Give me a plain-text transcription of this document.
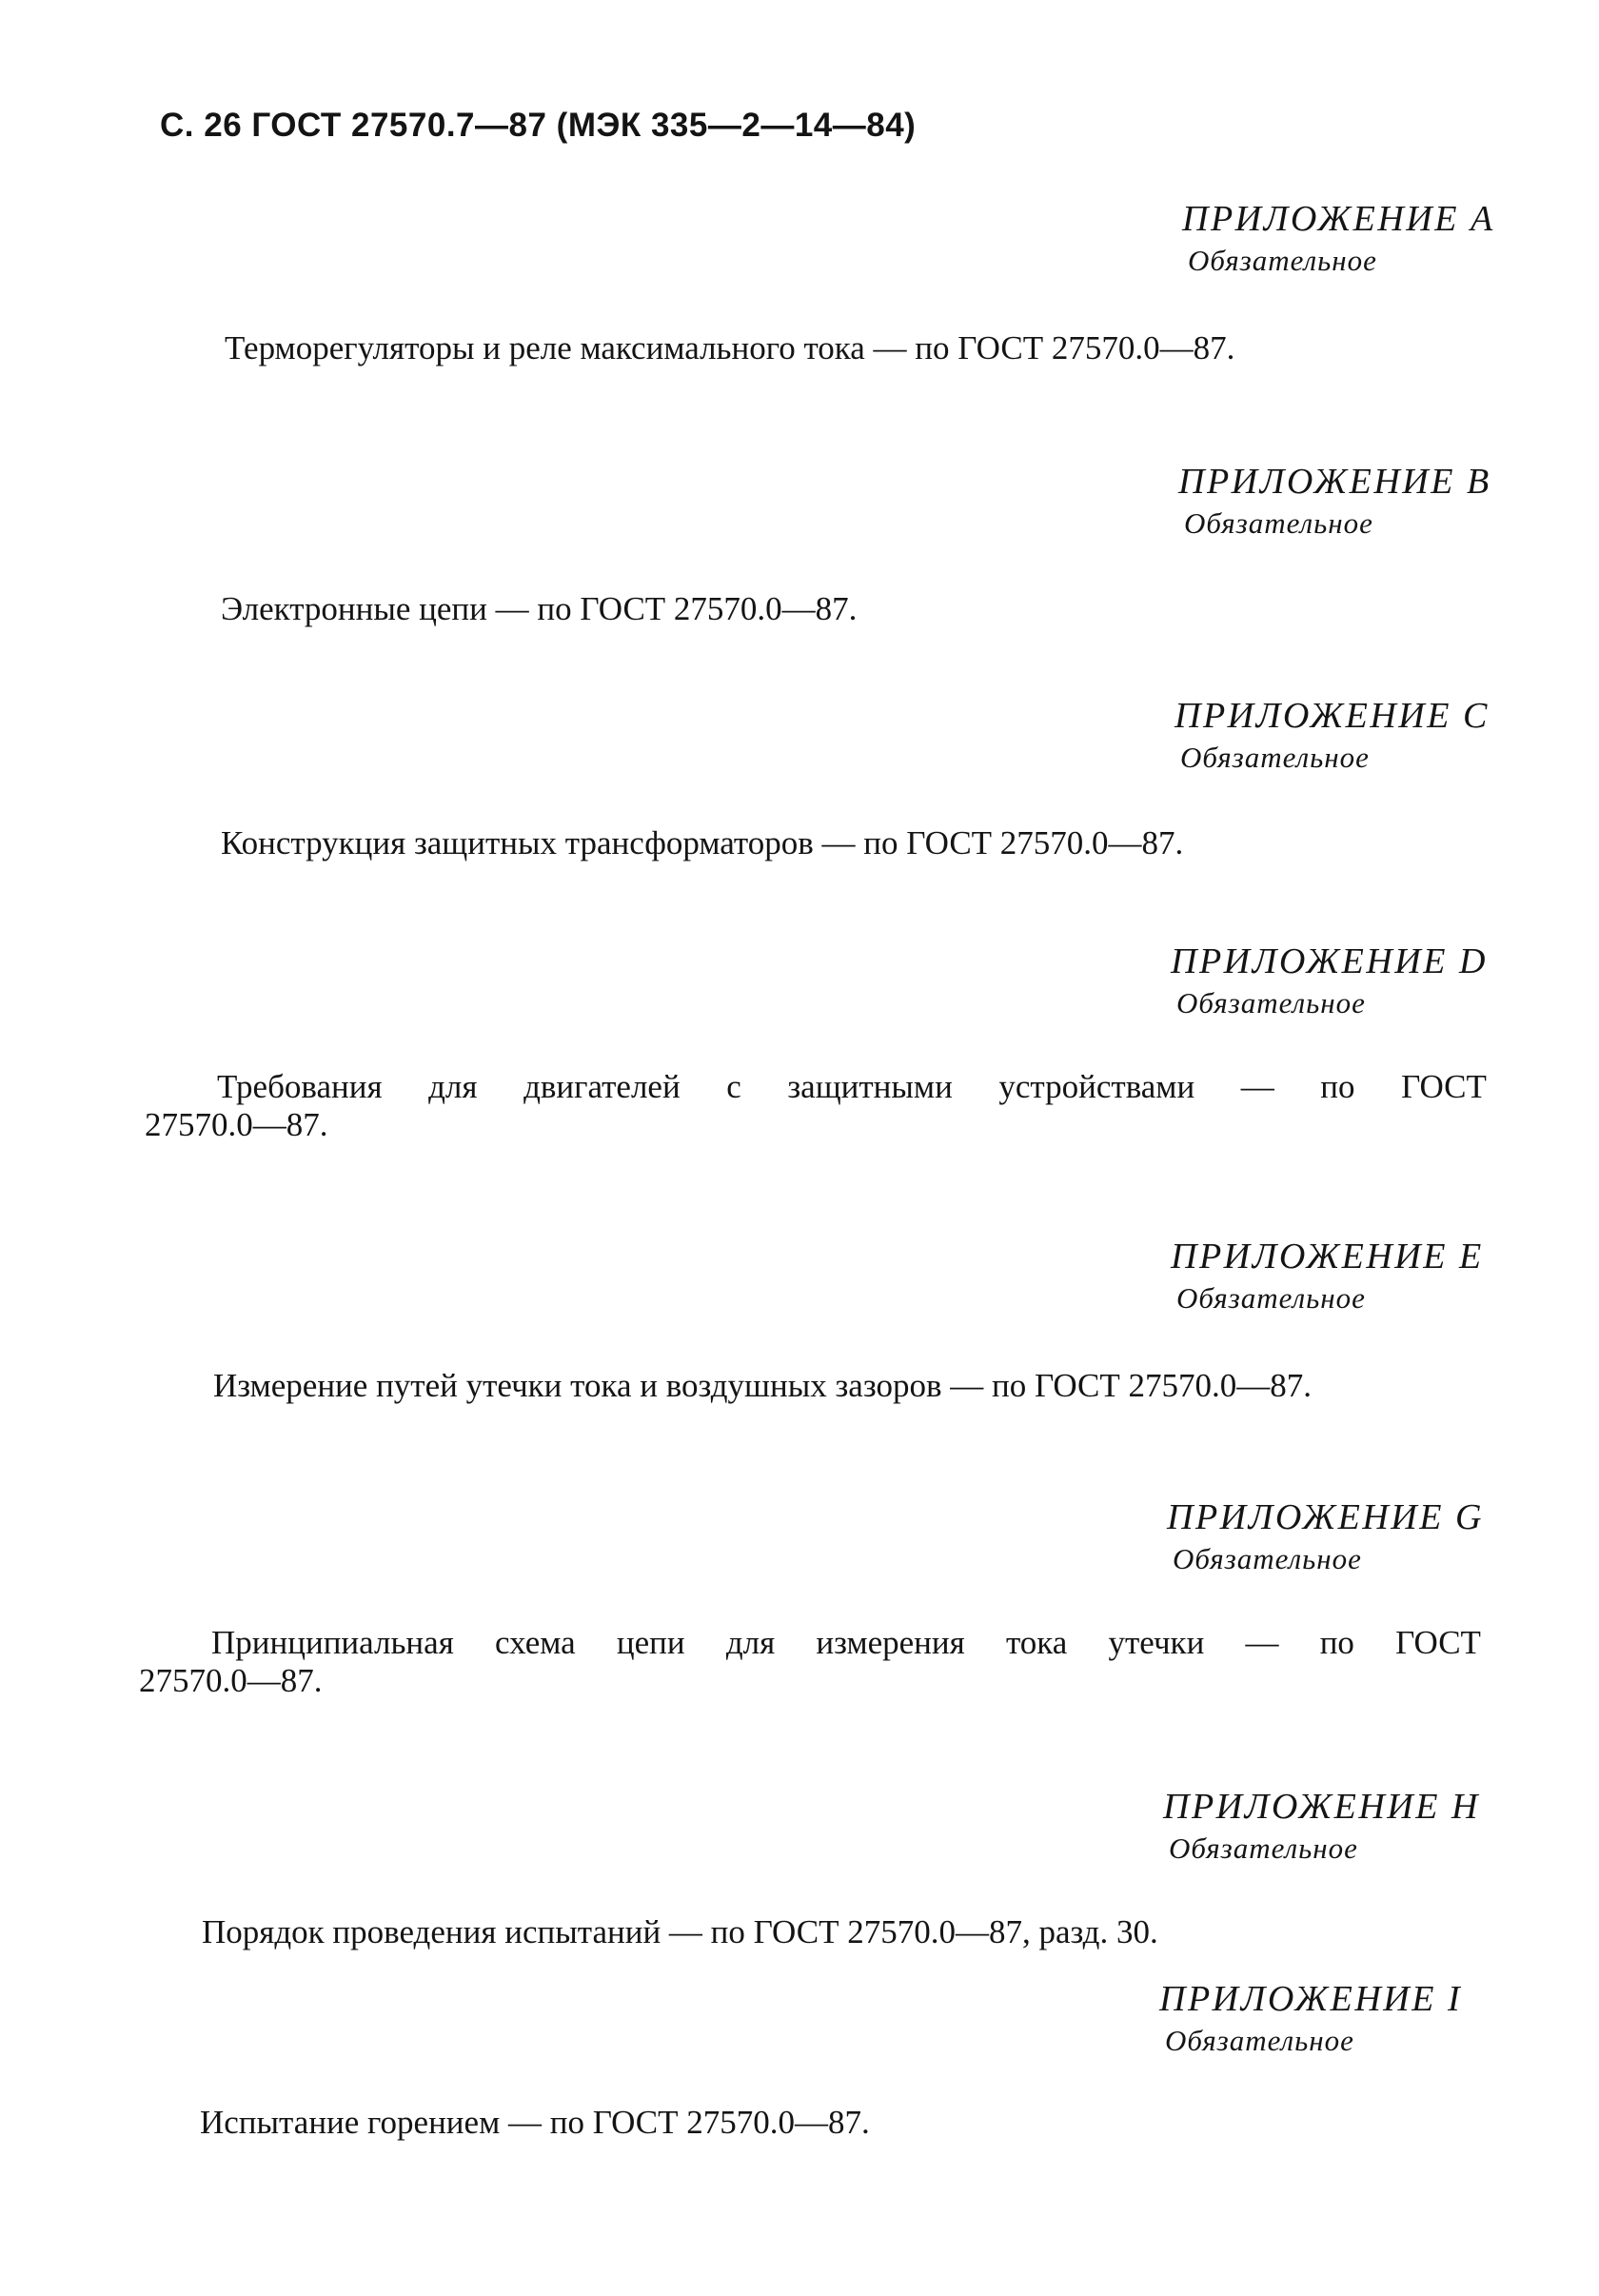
С. 26 ГОСТ 27570.7—87 (МЭК 335—2—14—84)
ПРИЛОЖЕНИЕ A
Обязательное
Терморегуляторы и реле максимального тока — по ГОСТ 27570.0—87.
ПРИЛОЖЕНИЕ B
Обязательное
Электронные цепи — по ГОСТ 27570.0—87.
ПРИЛОЖЕНИЕ C
Обязательное
Конструкция защитных трансформаторов — по ГОСТ 27570.0—87.
ПРИЛОЖЕНИЕ D
Обязательное
Требования для двигателей с защитными устройствами — по ГОСТ
27570.0—87.
ПРИЛОЖЕНИЕ E
Обязательное
Измерение путей утечки тока и воздушных зазоров — по ГОСТ 27570.0—87.
ПРИЛОЖЕНИЕ G
Обязательное
Принципиальная схема цепи для измерения тока утечки — по ГОСТ
27570.0—87.
ПРИЛОЖЕНИЕ H
Обязательное
Порядок проведения испытаний — по ГОСТ 27570.0—87, разд. 30.
ПРИЛОЖЕНИЕ I
Обязательное
Испытание горением — по ГОСТ 27570.0—87.
